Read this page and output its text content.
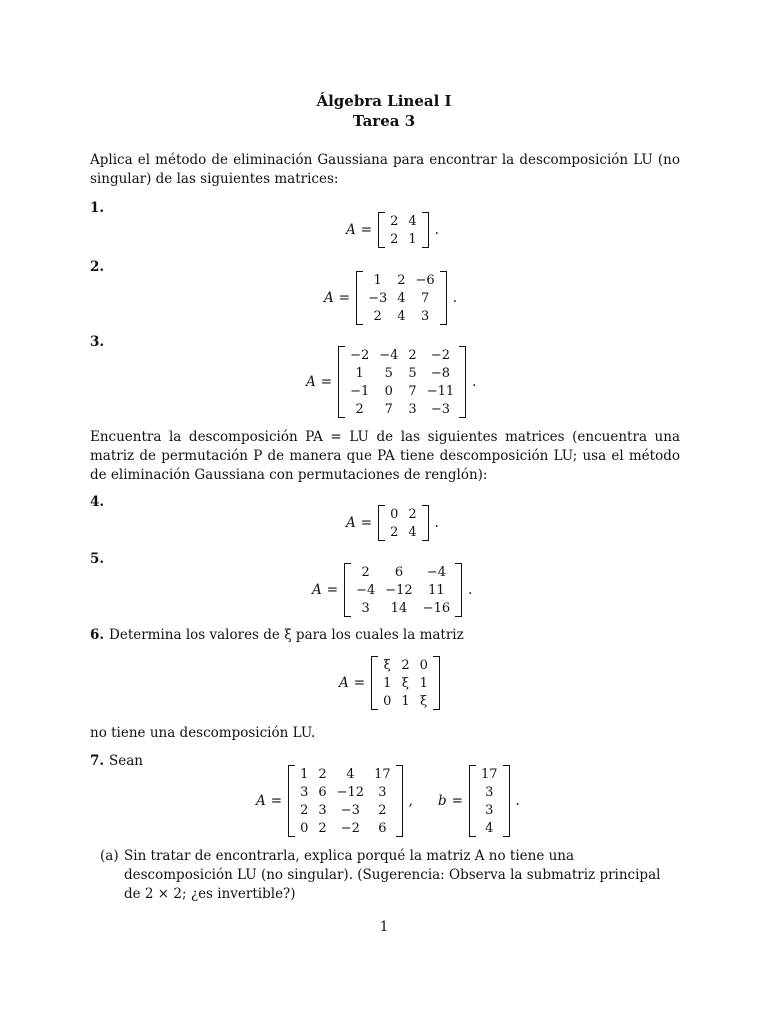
Álgebra Lineal I
Tarea 3
Aplica el método de eliminación Gaussiana para encontrar la descomposición LU (no singular) de las siguientes matrices:
1.
A =
2	4
2	1
.
2.
A =
1	2	−6
−3	4	7
2	4	3
.
3.
A =
−2	−4	2	−2
1	5	5	−8
−1	0	7	−11
2	7	3	−3
.
Encuentra la descomposición PA = LU de las siguientes matrices (encuentra una matriz de permutación P de manera que PA tiene descomposición LU; usa el método de eliminación Gaussiana con permutaciones de renglón):
4.
A =
0	2
2	4
.
5.
A =
2	6	−4
−4	−12	11
3	14	−16
.
6. Determina los valores de ξ para los cuales la matriz
A =
ξ	2	0
1	ξ	1
0	1	ξ
no tiene una descomposición LU.
7. Sean
A =
1	2	4	17
3	6	−12	3
2	3	−3	2
0	2	−2	6
, b =
17
3
3
4
.
(a) Sin tratar de encontrarla, explica porqué la matriz A no tiene una descomposición LU (no singular). (Sugerencia: Observa la submatriz principal de 2 × 2; ¿es invertible?)
1
